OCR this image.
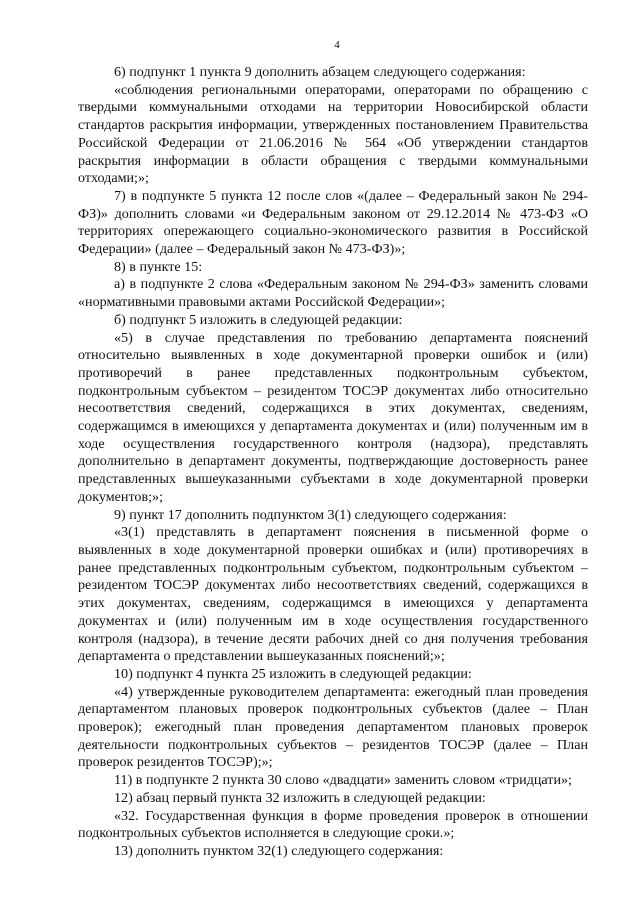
4

6) подпункт 1 пункта 9 дополнить абзацем следующего содержания:

«соблюдения региональными операторами, операторами по обращению с твердыми коммунальными отходами на территории Новосибирской области стандартов раскрытия информации, утвержденных постановлением Правительства Российской Федерации от 21.06.2016 № 564 «Об утверждении стандартов раскрытия информации в области обращения с твердыми коммунальными отходами;»;

7) в подпункте 5 пункта 12 после слов «(далее – Федеральный закон № 294-ФЗ)» дополнить словами «и Федеральным законом от 29.12.2014 № 473-ФЗ «О территориях опережающего социально-экономического развития в Российской Федерации» (далее – Федеральный закон № 473-ФЗ)»;

8) в пункте 15:

а) в подпункте 2 слова «Федеральным законом № 294-ФЗ» заменить словами «нормативными правовыми актами Российской Федерации»;

б) подпункт 5 изложить в следующей редакции:

«5) в случае представления по требованию департамента пояснений относительно выявленных в ходе документарной проверки ошибок и (или) противоречий в ранее представленных подконтрольным субъектом, подконтрольным субъектом – резидентом ТОСЭР документах либо относительно несоответствия сведений, содержащихся в этих документах, сведениям, содержащимся в имеющихся у департамента документах и (или) полученным им в ходе осуществления государственного контроля (надзора), представлять дополнительно в департамент документы, подтверждающие достоверность ранее представленных вышеуказанными субъектами в ходе документарной проверки документов;»;

9) пункт 17 дополнить подпунктом 3(1) следующего содержания:

«3(1) представлять в департамент пояснения в письменной форме о выявленных в ходе документарной проверки ошибках и (или) противоречиях в ранее представленных подконтрольным субъектом, подконтрольным субъектом – резидентом ТОСЭР документах либо несоответствиях сведений, содержащихся в этих документах, сведениям, содержащимся в имеющихся у департамента документах и (или) полученным им в ходе осуществления государственного контроля (надзора), в течение десяти рабочих дней со дня получения требования департамента о представлении вышеуказанных пояснений;»;

10) подпункт 4 пункта 25 изложить в следующей редакции:

«4) утвержденные руководителем департамента: ежегодный план проведения департаментом плановых проверок подконтрольных субъектов (далее – План проверок); ежегодный план проведения департаментом плановых проверок деятельности подконтрольных субъектов – резидентов ТОСЭР (далее – План проверок резидентов ТОСЭР);»;

11) в подпункте 2 пункта 30 слово «двадцати» заменить словом «тридцати»;

12) абзац первый пункта 32 изложить в следующей редакции:

«32. Государственная функция в форме проведения проверок в отношении подконтрольных субъектов исполняется в следующие сроки.»;

13) дополнить пунктом 32(1) следующего содержания:
